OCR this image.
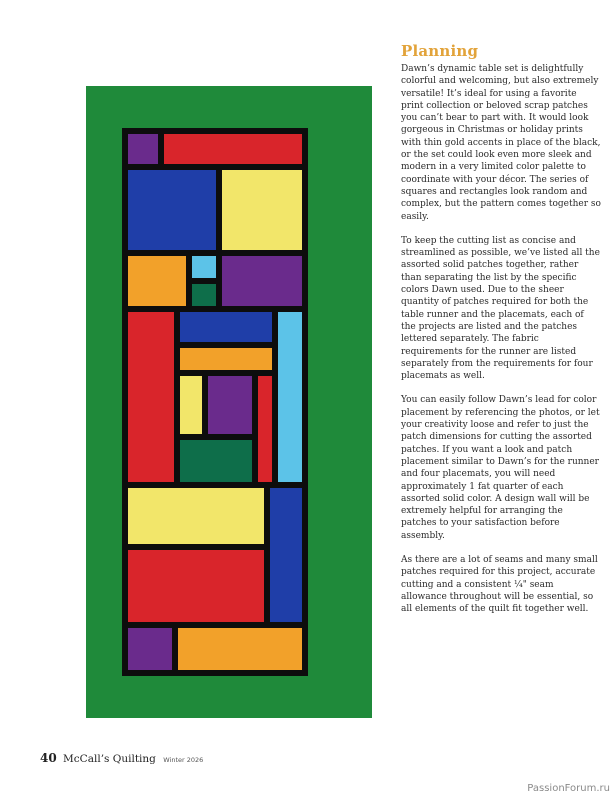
Planning

Dawn’s dynamic table set is delightfully colorful and welcoming, but also extremely versatile! It’s ideal for using a favorite print collection or beloved scrap patches you can’t bear to part with. It would look gorgeous in Christmas or holiday prints with thin gold accents in place of the black, or the set could look even more sleek and modern in a very limited color palette to coordinate with your décor. The series of squares and rectangles look random and complex, but the pattern comes together so easily.

To keep the cutting list as concise and streamlined as possible, we’ve listed all the assorted solid patches together, rather than separating the list by the specific colors Dawn used. Due to the sheer quantity of patches required for both the table runner and the placemats, each of the projects are listed and the patches lettered separately. The fabric requirements for the runner are listed separately from the requirements for four placemats as well.

You can easily follow Dawn’s lead for color placement by referencing the photos, or let your creativity loose and refer to just the patch dimensions for cutting the assorted patches. If you want a look and patch placement similar to Dawn’s for the runner and four placemats, you will need approximately 1 fat quarter of each assorted solid color. A design wall will be extremely helpful for arranging the patches to your satisfaction before assembly.

As there are a lot of seams and many small patches required for this project, accurate cutting and a consistent ¼" seam allowance throughout will be essential, so all elements of the quilt fit together well.

40 McCall’s Quilting Winter 2026
PassionForum.ru
